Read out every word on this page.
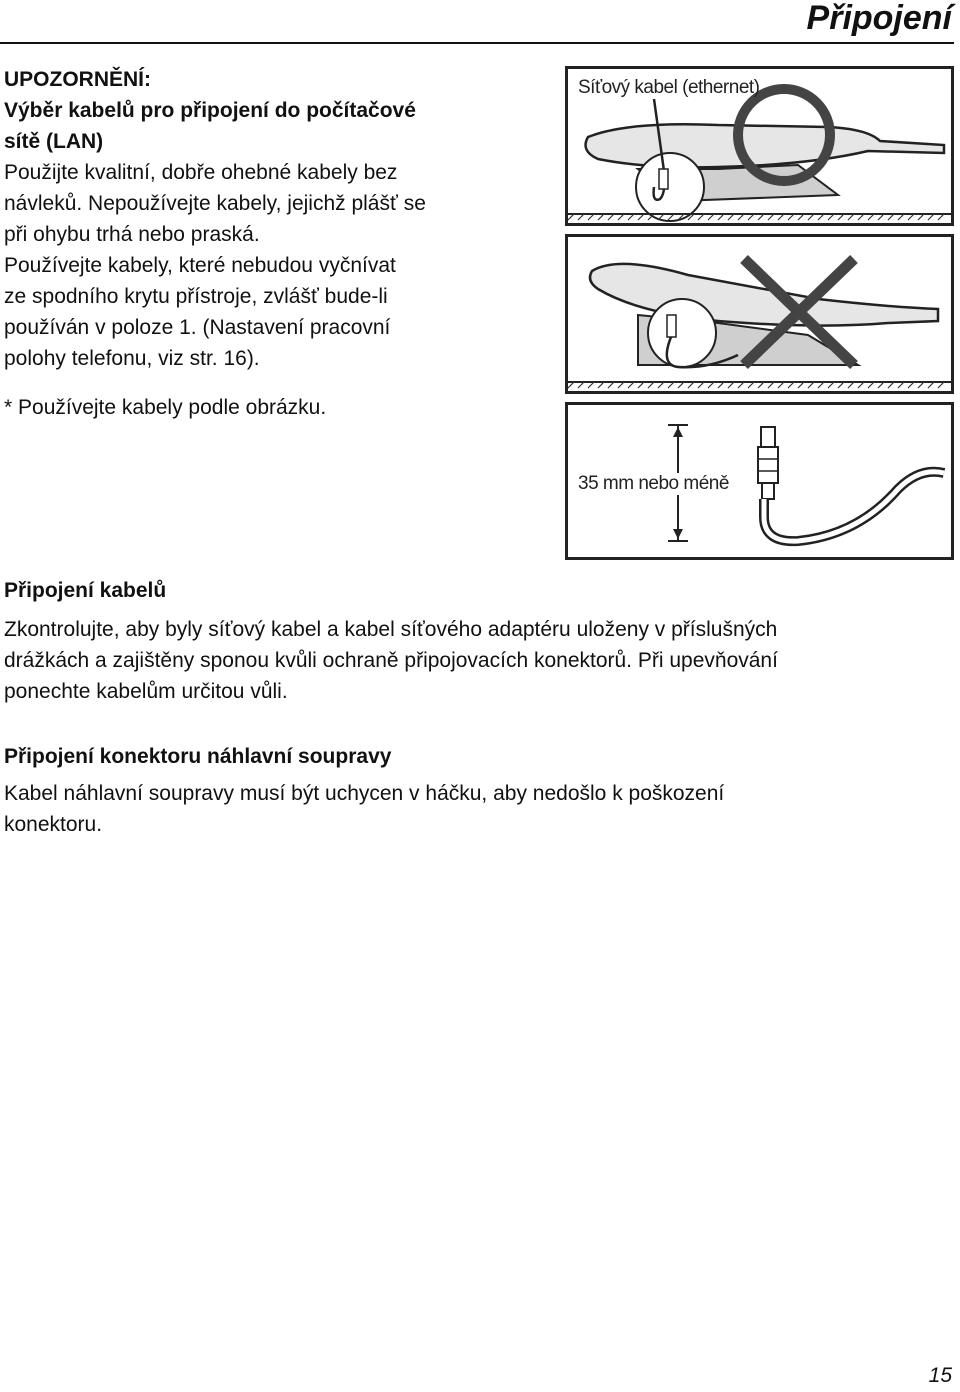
Připojení
UPOZORNĚNÍ:
Výběr kabelů pro připojení do počítačové
sítě (LAN)
Použijte kvalitní, dobře ohebné kabely bez
návleků. Nepoužívejte kabely, jejichž plášť se
při ohybu trhá nebo praská.
Používejte kabely, které nebudou vyčnívat
ze spodního krytu přístroje, zvlášť bude-li
používán v poloze 1. (Nastavení pracovní
polohy telefonu, viz str. 16).
* Používejte kabely podle obrázku.
Síťový kabel (ethernet)
35 mm nebo méně
Připojení kabelů
Zkontrolujte, aby byly síťový kabel a kabel síťového adaptéru uloženy v příslušných
drážkách a zajištěny sponou kvůli ochraně připojovacích konektorů. Při upevňování
ponechte kabelům určitou vůli.
Připojení konektoru náhlavní soupravy
Kabel náhlavní soupravy musí být uchycen v háčku, aby nedošlo k poškození
konektoru.
15
